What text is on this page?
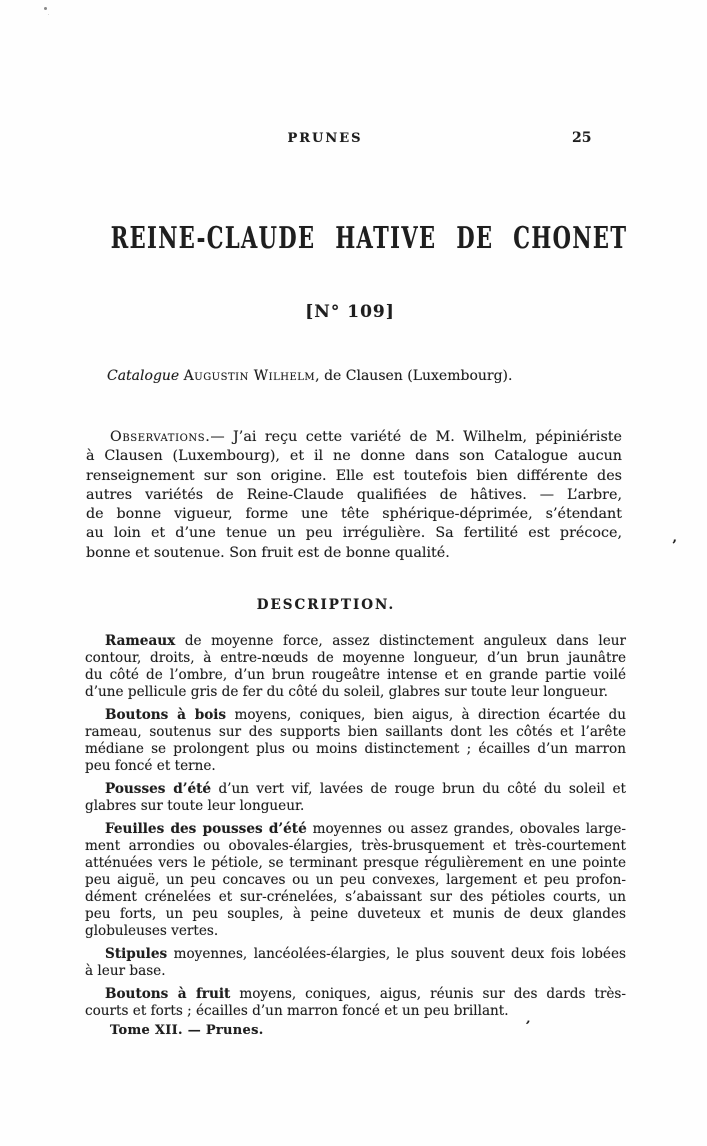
PRUNES	25
REINE-CLAUDE HATIVE DE CHONET
[N° 109]
Catalogue Augustin Wilhelm, de Clausen (Luxembourg).
Observations.— J’ai reçu cette variété de M. Wilhelm, pépiniériste
à Clausen (Luxembourg), et il ne donne dans son Catalogue aucun
renseignement sur son origine. Elle est toutefois bien différente des
autres variétés de Reine-Claude qualifiées de hâtives. — L’arbre,
de bonne vigueur, forme une tête sphérique-déprimée, s’étendant
au loin et d’une tenue un peu irrégulière. Sa fertilité est précoce,
bonne et soutenue. Son fruit est de bonne qualité.
DESCRIPTION.
Rameaux de moyenne force, assez distinctement anguleux dans leur
contour, droits, à entre-nœuds de moyenne longueur, d’un brun jaunâtre
du côté de l’ombre, d’un brun rougeâtre intense et en grande partie voilé
d’une pellicule gris de fer du côté du soleil, glabres sur toute leur longueur.
Boutons à bois moyens, coniques, bien aigus, à direction écartée du
rameau, soutenus sur des supports bien saillants dont les côtés et l’arête
médiane se prolongent plus ou moins distinctement ; écailles d’un marron
peu foncé et terne.
Pousses d’été d’un vert vif, lavées de rouge brun du côté du soleil et
glabres sur toute leur longueur.
Feuilles des pousses d’été moyennes ou assez grandes, obovales large-
ment arrondies ou obovales-élargies, très-brusquement et très-courtement
atténuées vers le pétiole, se terminant presque régulièrement en une pointe
peu aiguë, un peu concaves ou un peu convexes, largement et peu profon-
dément crénelées et sur-crénelées, s’abaissant sur des pétioles courts, un
peu forts, un peu souples, à peine duveteux et munis de deux glandes
globuleuses vertes.
Stipules moyennes, lancéolées-élargies, le plus souvent deux fois lobées
à leur base.
Boutons à fruit moyens, coniques, aigus, réunis sur des dards très-
courts et forts ; écailles d’un marron foncé et un peu brillant.
’
Tome XII. — Prunes.	’
